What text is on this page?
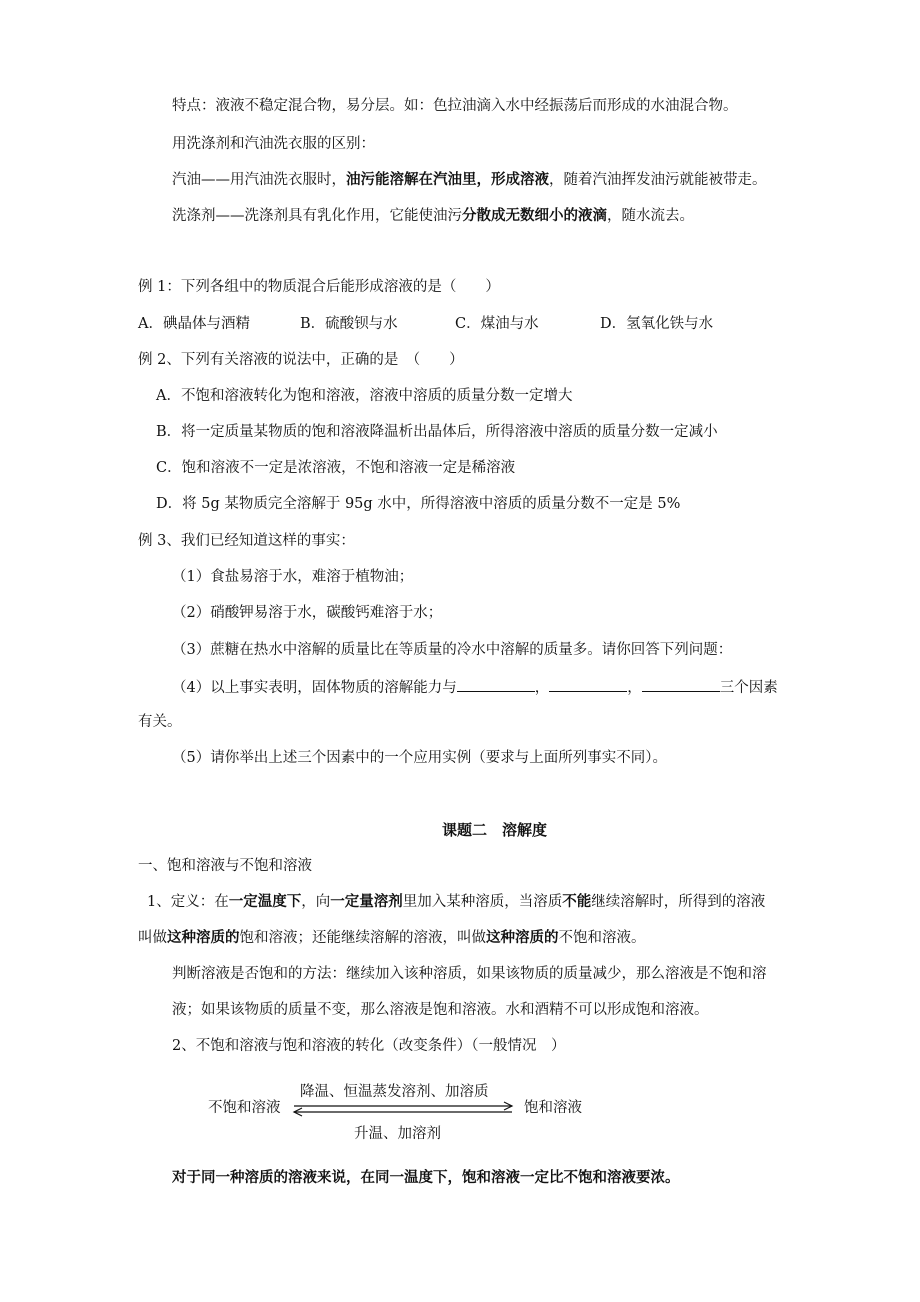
特点：液液不稳定混合物，易分层。如：色拉油滴入水中经振荡后而形成的水油混合物。
用洗涤剂和汽油洗衣服的区别：
汽油——用汽油洗衣服时，油污能溶解在汽油里，形成溶液，随着汽油挥发油污就能被带走。
洗涤剂——洗涤剂具有乳化作用，它能使油污分散成无数细小的液滴，随水流去。
例 1：下列各组中的物质混合后能形成溶液的是（　　）
A．碘晶体与酒精	B．硫酸钡与水	C．煤油与水	D．氢氧化铁与水
例 2、下列有关溶液的说法中，正确的是　（　　）
A．不饱和溶液转化为饱和溶液，溶液中溶质的质量分数一定增大
B．将一定质量某物质的饱和溶液降温析出晶体后，所得溶液中溶质的质量分数一定减小
C．饱和溶液不一定是浓溶液，不饱和溶液一定是稀溶液
D．将 5g 某物质完全溶解于 95g 水中，所得溶液中溶质的质量分数不一定是 5%
例 3、我们已经知道这样的事实：
（1）食盐易溶于水，难溶于植物油；
（2）硝酸钾易溶于水，碳酸钙难溶于水；
（3）蔗糖在热水中溶解的质量比在等质量的冷水中溶解的质量多。请你回答下列问题：
（4）以上事实表明，固体物质的溶解能力与	，	，	三个因素
有关。
（5）请你举出上述三个因素中的一个应用实例（要求与上面所列事实不同）。
课题二　溶解度
一、饱和溶液与不饱和溶液
1、定义：在一定温度下，向一定量溶剂里加入某种溶质，当溶质不能继续溶解时，所得到的溶液
叫做这种溶质的饱和溶液；还能继续溶解的溶液，叫做这种溶质的不饱和溶液。
判断溶液是否饱和的方法：继续加入该种溶质，如果该物质的质量减少，那么溶液是不饱和溶
液；如果该物质的质量不变，那么溶液是饱和溶液。水和酒精不可以形成饱和溶液。
2、不饱和溶液与饱和溶液的转化（改变条件）（一般情况　）
降温、恒温蒸发溶剂、加溶质
不饱和溶液	饱和溶液
升温、加溶剂
对于同一种溶质的溶液来说，在同一温度下，饱和溶液一定比不饱和溶液要浓。
